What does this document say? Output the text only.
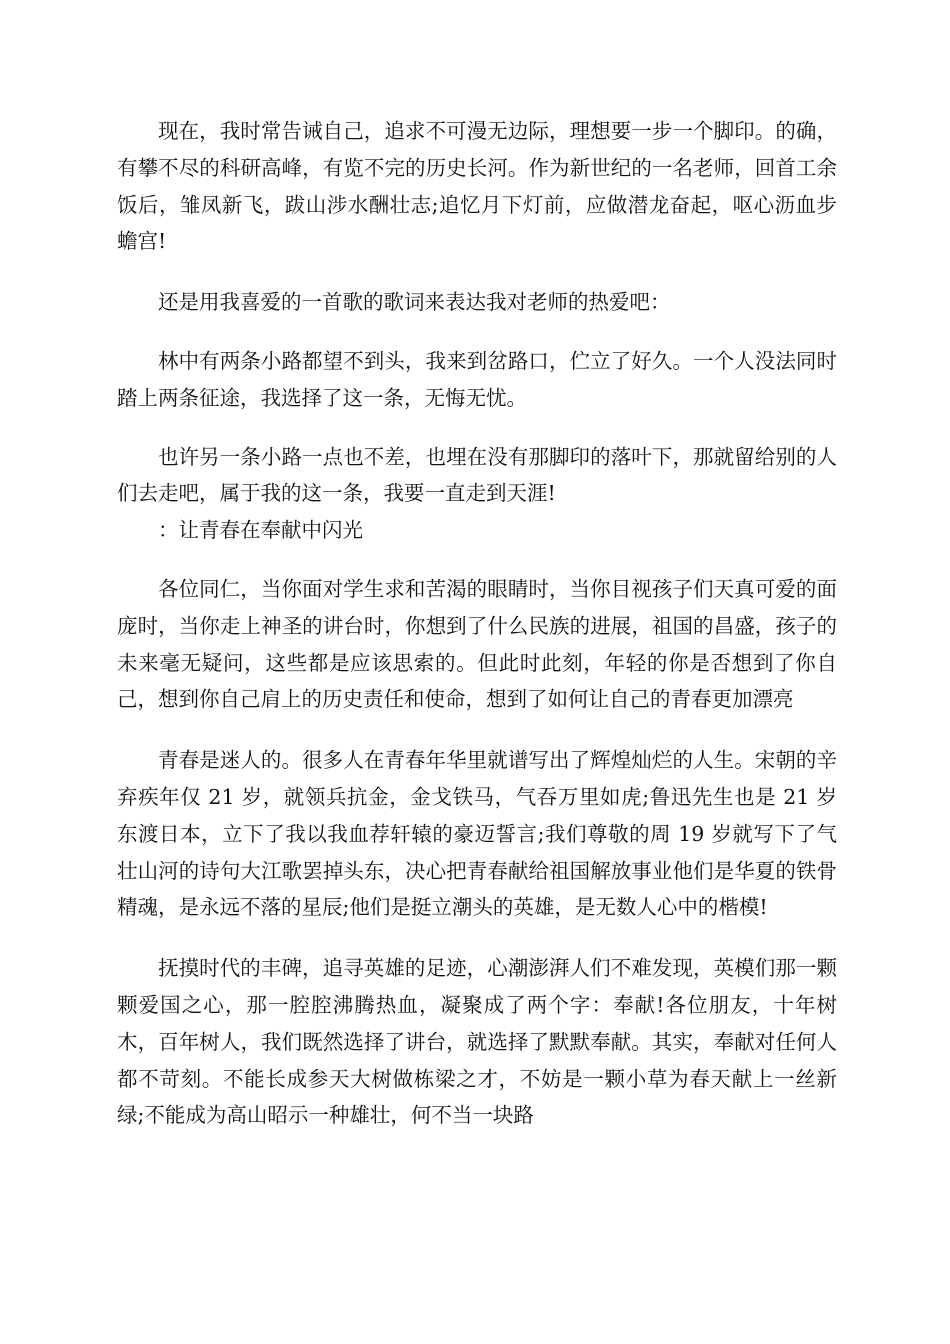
现在，我时常告诫自己，追求不可漫无边际，理想要一步一个脚印。的确，有攀不尽的科研高峰，有览不完的历史长河。作为新世纪的一名老师，回首工余饭后，雏凤新飞，跋山涉水酬壮志;追忆月下灯前，应做潜龙奋起，呕心沥血步蟾宫!

还是用我喜爱的一首歌的歌词来表达我对老师的热爱吧：

林中有两条小路都望不到头，我来到岔路口，伫立了好久。一个人没法同时踏上两条征途，我选择了这一条，无悔无忧。

也许另一条小路一点也不差，也埋在没有那脚印的落叶下，那就留给别的人们去走吧，属于我的这一条，我要一直走到天涯!

：让青春在奉献中闪光

各位同仁，当你面对学生求和苦渴的眼睛时，当你目视孩子们天真可爱的面庞时，当你走上神圣的讲台时，你想到了什么民族的进展，祖国的昌盛，孩子的未来毫无疑问，这些都是应该思索的。但此时此刻，年轻的你是否想到了你自己，想到你自己肩上的历史责任和使命，想到了如何让自己的青春更加漂亮

青春是迷人的。很多人在青春年华里就谱写出了辉煌灿烂的人生。宋朝的辛弃疾年仅 21 岁，就领兵抗金，金戈铁马，气吞万里如虎;鲁迅先生也是 21 岁东渡日本，立下了我以我血荐轩辕的豪迈誓言;我们尊敬的周 19 岁就写下了气壮山河的诗句大江歌罢掉头东，决心把青春献给祖国解放事业他们是华夏的铁骨精魂，是永远不落的星辰;他们是挺立潮头的英雄，是无数人心中的楷模!

抚摸时代的丰碑，追寻英雄的足迹，心潮澎湃人们不难发现，英模们那一颗颗爱国之心，那一腔腔沸腾热血，凝聚成了两个字：奉献!各位朋友，十年树木，百年树人，我们既然选择了讲台，就选择了默默奉献。其实，奉献对任何人都不苛刻。不能长成参天大树做栋梁之才，不妨是一颗小草为春天献上一丝新绿;不能成为高山昭示一种雄壮，何不当一块路
